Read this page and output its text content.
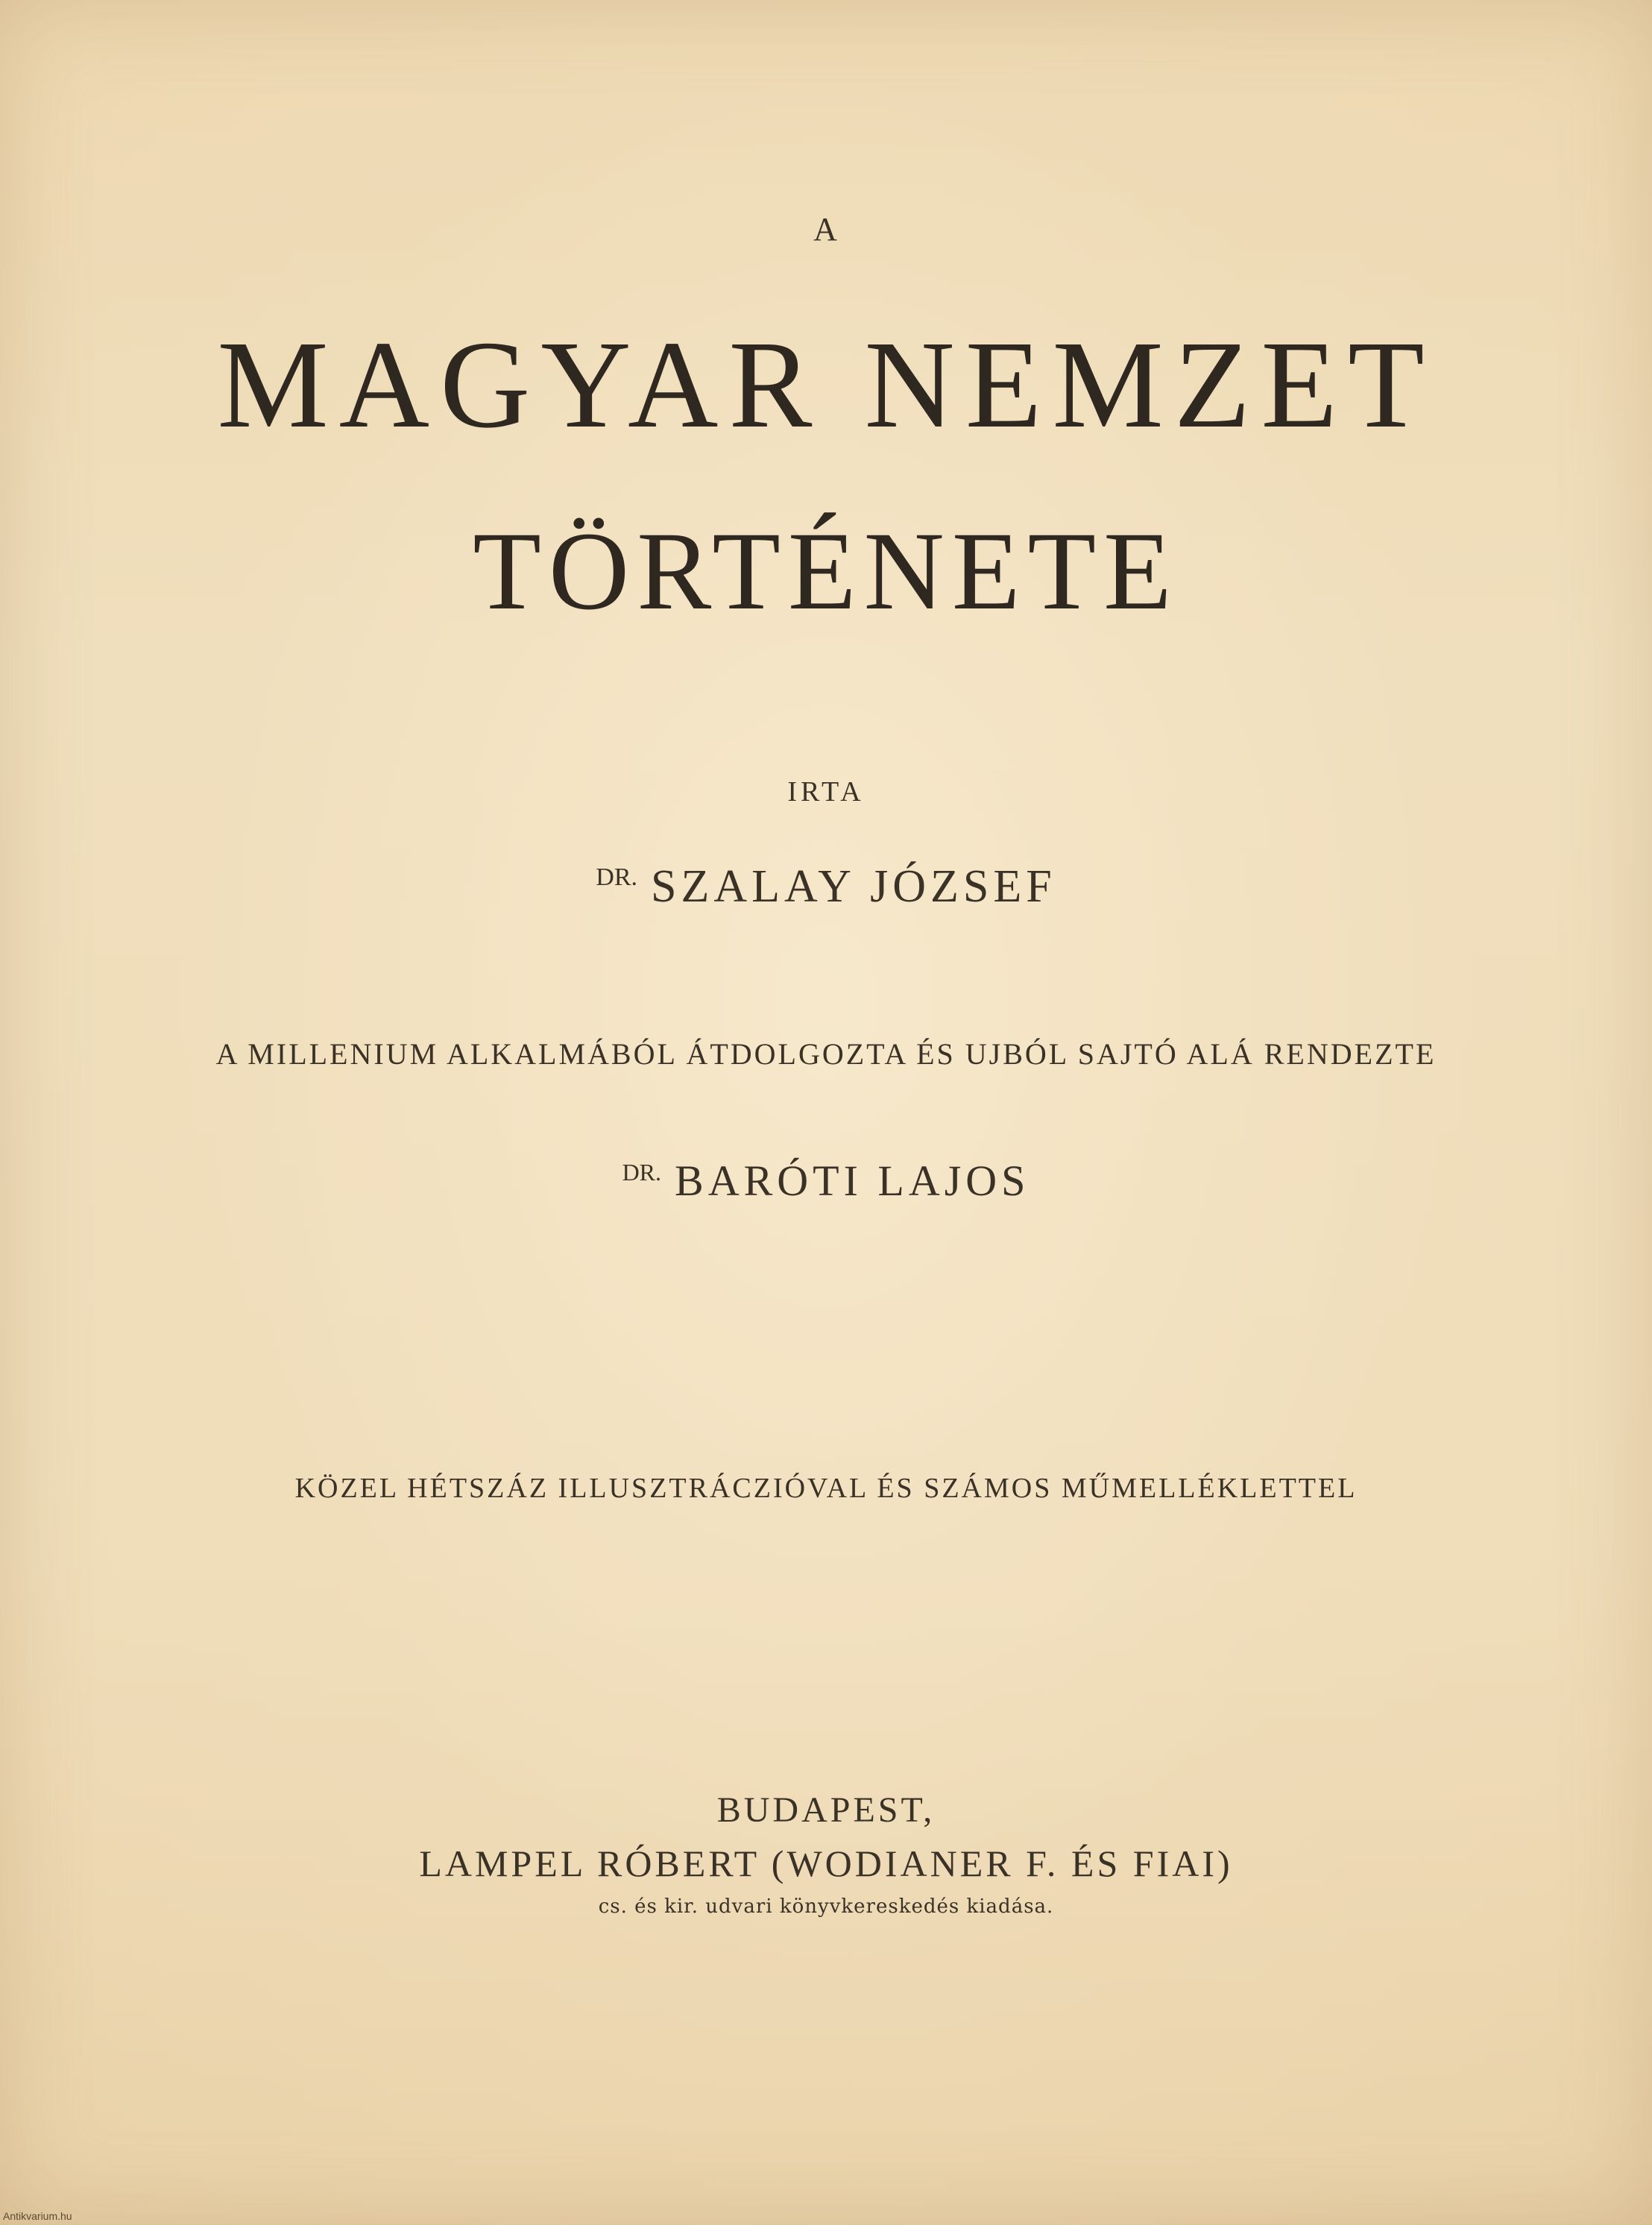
A
MAGYAR NEMZET
TÖRTÉNETE
IRTA
$^{DR.}$ SZALAY JÓZSEF
A MILLENIUM ALKALMÁBÓL ÁTDOLGOZTA ÉS UJBÓL SAJTÓ ALÁ RENDEZTE
$^{DR.}$ BARÓTI LAJOS
KÖZEL HÉTSZÁZ ILLUSZTRÁCZIÓVAL ÉS SZÁMOS MŰMELLÉKLETTEL
BUDAPEST,
LAMPEL RÓBERT (WODIANER F. ÉS FIAI)
cs. és kir. udvari könyvkereskedés kiadása.
Antikvarium.hu
